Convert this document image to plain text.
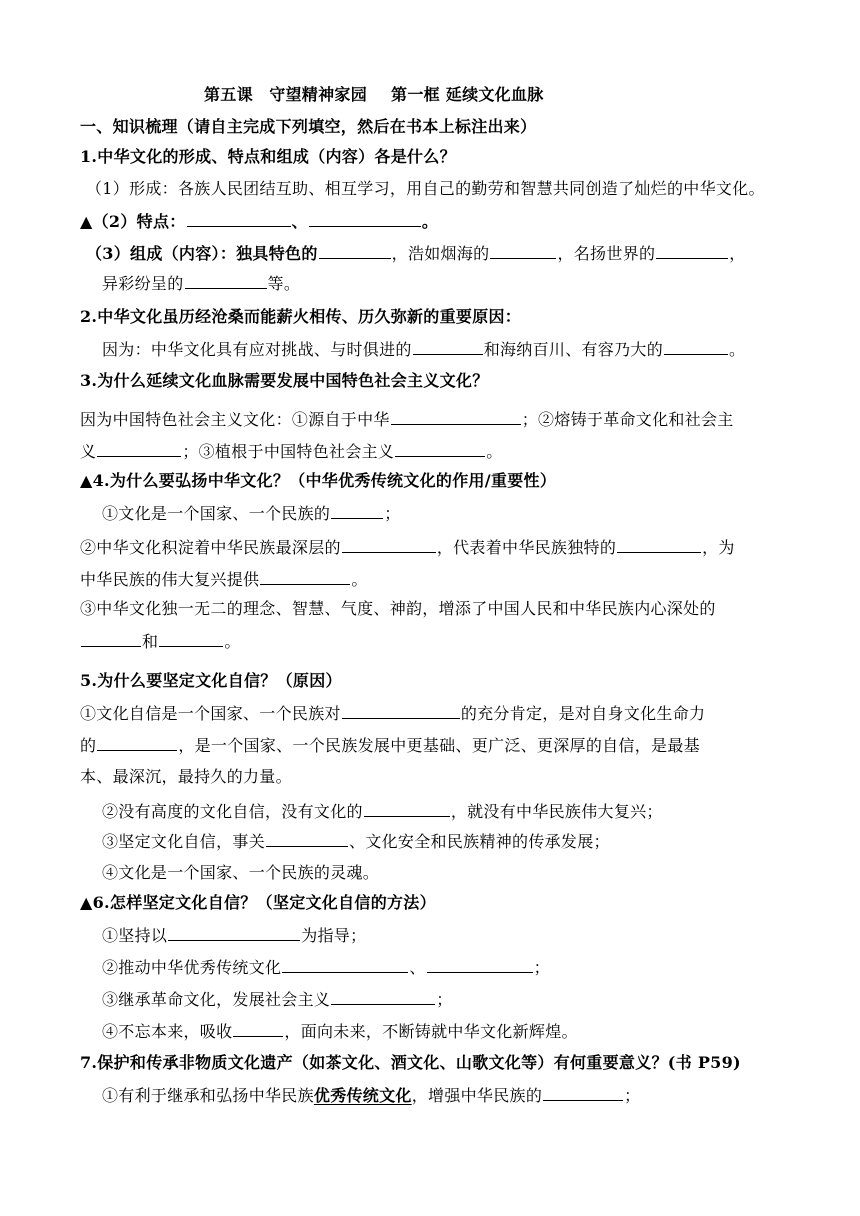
第五课　守望精神家园 第一框 延续文化血脉
一、知识梳理（请自主完成下列填空，然后在书本上标注出来）
1.中华文化的形成、特点和组成（内容）各是什么？
（1）形成：各族人民团结互助、相互学习，用自己的勤劳和智慧共同创造了灿烂的中华文化。
▲（2）特点：	、	。
（3）组成（内容）：独具特色的	，浩如烟海的	，名扬世界的	，
异彩纷呈的	等。
2.中华文化虽历经沧桑而能薪火相传、历久弥新的重要原因：
因为：中华文化具有应对挑战、与时俱进的	和海纳百川、有容乃大的	。
3.为什么延续文化血脉需要发展中国特色社会主义文化？
因为中国特色社会主义文化：①源自于中华	；②熔铸于革命文化和社会主
义	；③植根于中国特色社会主义	。
▲4.为什么要弘扬中华文化？（中华优秀传统文化的作用/重要性）
①文化是一个国家、一个民族的	；
②中华文化积淀着中华民族最深层的	，代表着中华民族独特的	，为
中华民族的伟大复兴提供	。
③中华文化独一无二的理念、智慧、气度、神韵，增添了中国人民和中华民族内心深处的
和	。
5.为什么要坚定文化自信？（原因）
①文化自信是一个国家、一个民族对	的充分肯定，是对自身文化生命力
的	，是一个国家、一个民族发展中更基础、更广泛、更深厚的自信，是最基
本、最深沉，最持久的力量。
②没有高度的文化自信，没有文化的	，就没有中华民族伟大复兴；
③坚定文化自信，事关	、文化安全和民族精神的传承发展；
④文化是一个国家、一个民族的灵魂。
▲6.怎样坚定文化自信？（坚定文化自信的方法）
①坚持以	为指导；
②推动中华优秀传统文化	、	；
③继承革命文化，发展社会主义	；
④不忘本来，吸收	，面向未来，不断铸就中华文化新辉煌。
7.保护和传承非物质文化遗产（如茶文化、酒文化、山歌文化等）有何重要意义？(书 P59)
①有利于继承和弘扬中华民族优秀传统文化，增强中华民族的	；
